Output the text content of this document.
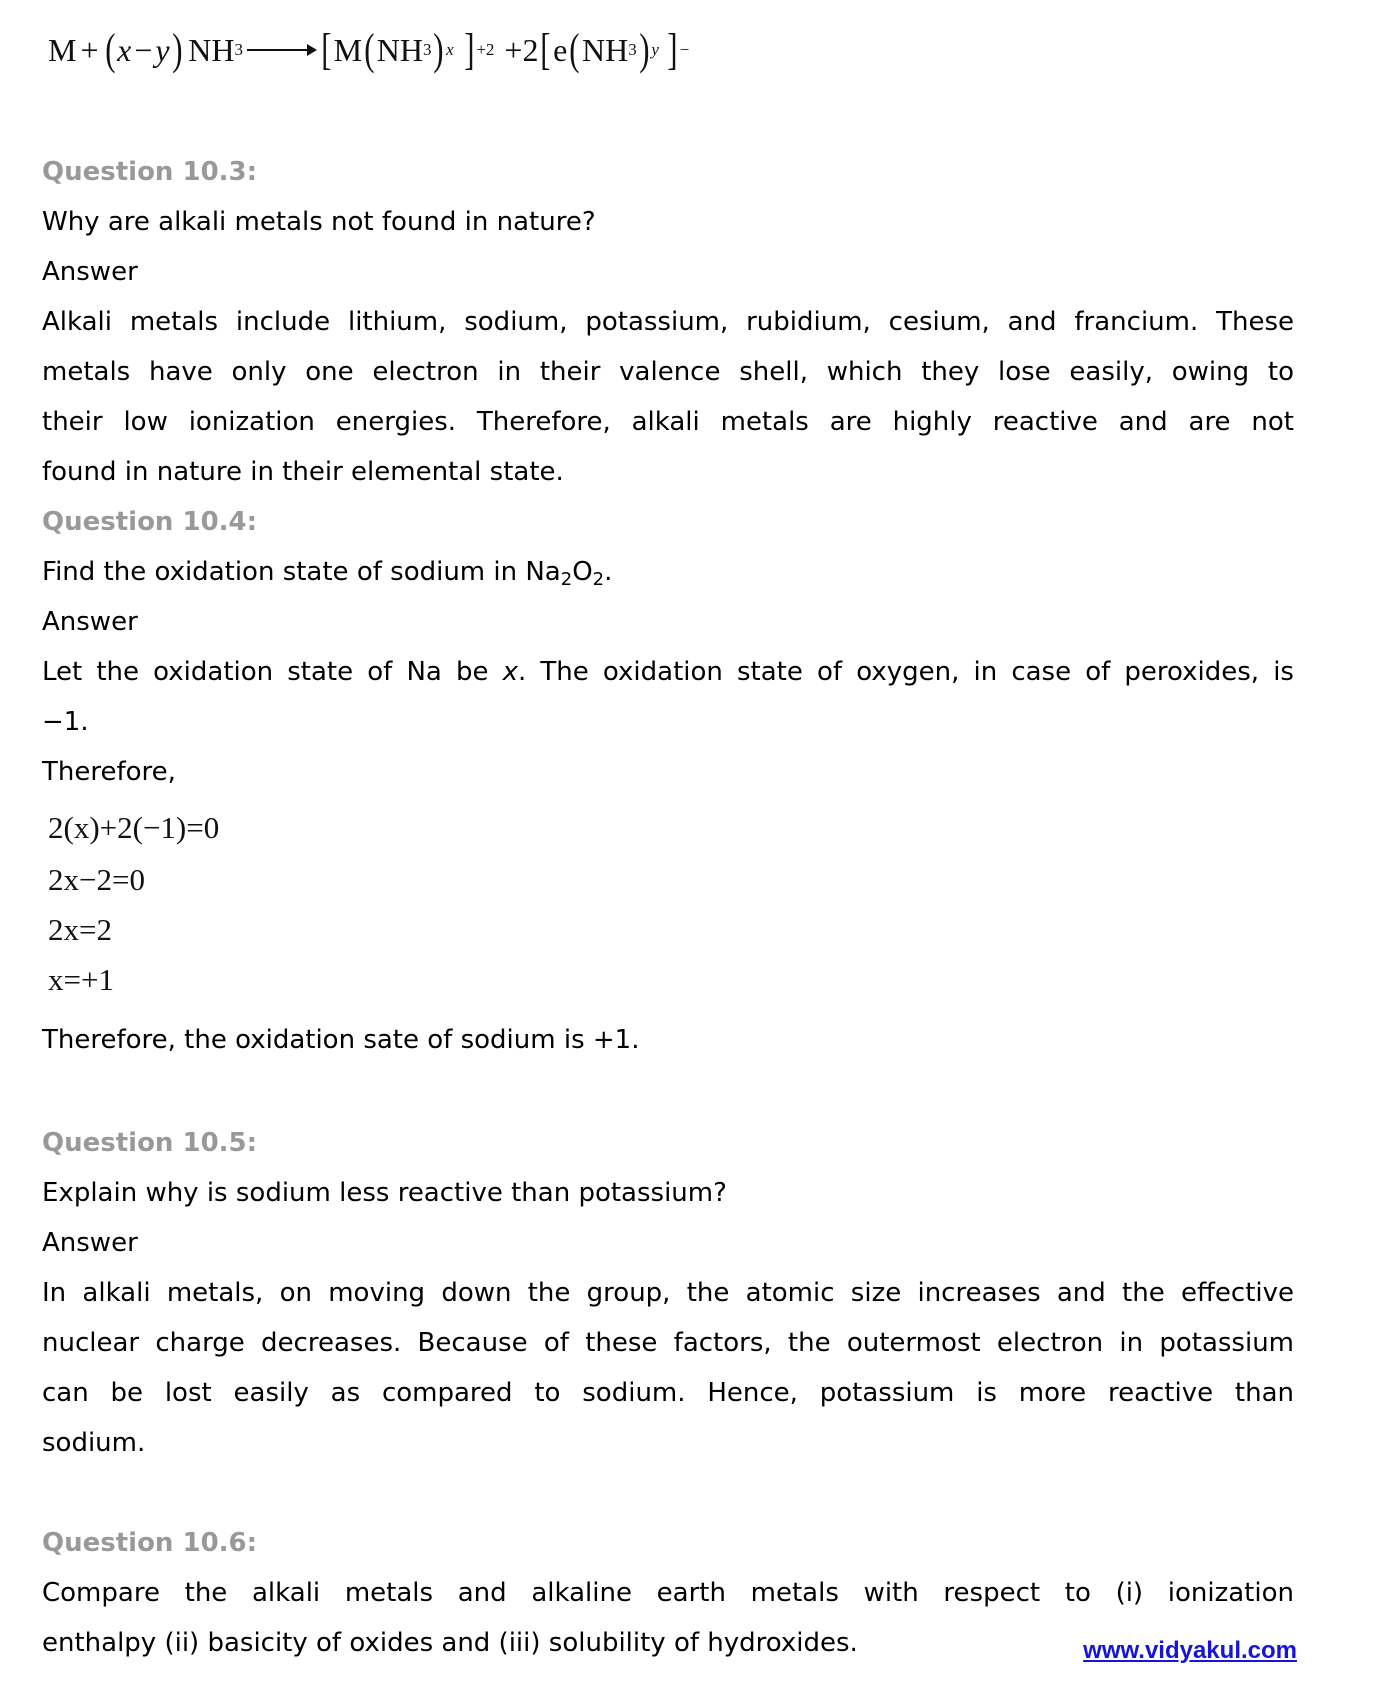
M + ( x − y ) NH 3 → [ M ( NH 3 ) x ] +2 +2 [ e ( NH 3 ) y ] −
Question 10.3:
Why are alkali metals not found in nature?
Answer
Alkali metals include lithium, sodium, potassium, rubidium, cesium, and francium. These
metals have only one electron in their valence shell, which they lose easily, owing to
their low ionization energies. Therefore, alkali metals are highly reactive and are not
found in nature in their elemental state.
Question 10.4:
Find the oxidation state of sodium in $Na_2O_2$.
Answer
Let the oxidation state of Na be x. The oxidation state of oxygen, in case of peroxides, is
−1.
Therefore,
2(x)+2(−1)=0
2x−2=0
2x=2
x=+1
Therefore, the oxidation sate of sodium is +1.
Question 10.5:
Explain why is sodium less reactive than potassium?
Answer
In alkali metals, on moving down the group, the atomic size increases and the effective
nuclear charge decreases. Because of these factors, the outermost electron in potassium
can be lost easily as compared to sodium. Hence, potassium is more reactive than
sodium.
Question 10.6:
Compare the alkali metals and alkaline earth metals with respect to (i) ionization
enthalpy (ii) basicity of oxides and (iii) solubility of hydroxides.	www.vidyakul.com
